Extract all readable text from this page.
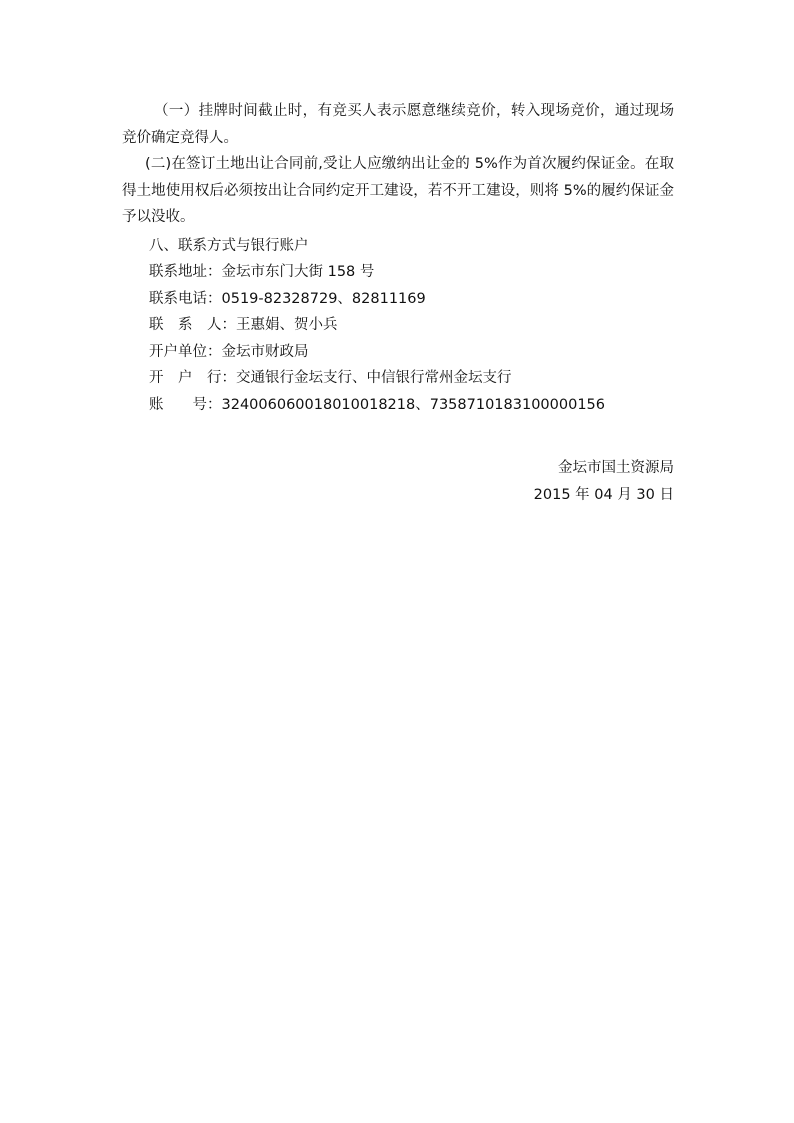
（一）挂牌时间截止时，有竞买人表示愿意继续竞价，转入现场竞价，通过现场竞价确定竞得人。

(二)在签订土地出让合同前,受让人应缴纳出让金的 5%作为首次履约保证金。在取得土地使用权后必须按出让合同约定开工建设，若不开工建设，则将 5%的履约保证金予以没收。

八、联系方式与银行账户
联系地址：金坛市东门大街 158 号
联系电话：0519-82328729、82811169
联　系　人：王惠娟、贺小兵
开户单位：金坛市财政局
开　户　行：交通银行金坛支行、中信银行常州金坛支行
账　　号：324006060018010018218、7358710183100000156
金坛市国土资源局
2015 年 04 月 30 日
